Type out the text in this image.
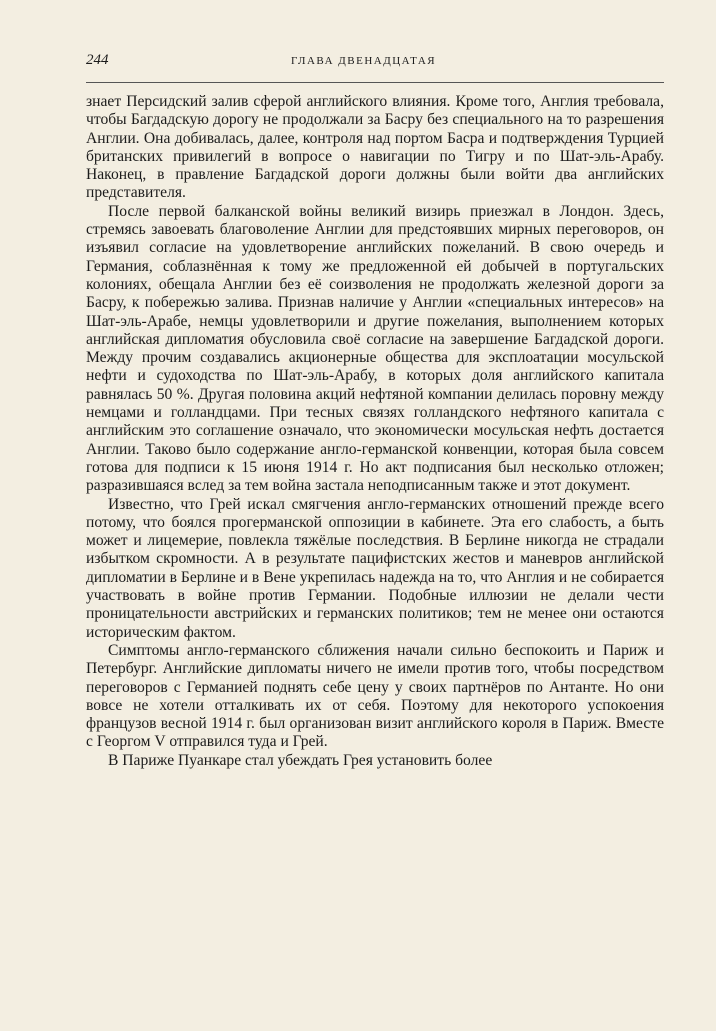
244	ГЛАВА ДВЕНАДЦАТАЯ

знает Персидский залив сферой английского влияния. Кроме того, Англия требовала, чтобы Багдадскую дорогу не продолжали за Басру без специального на то разрешения Англии. Она добивалась, далее, контроля над портом Басра и подтверждения Турцией британских привилегий в вопросе о навигации по Тигру и по Шат-эль-Арабу. Наконец, в правление Багдадской дороги должны были войти два английских представителя.

После первой балканской войны великий визирь приезжал в Лондон. Здесь, стремясь завоевать благоволение Англии для предстоявших мирных переговоров, он изъявил согласие на удовлетворение английских пожеланий. В свою очередь и Германия, соблазнённая к тому же предложенной ей добычей в португальских колониях, обещала Англии без её соизволения не продолжать железной дороги за Басру, к побережью залива. Признав наличие у Англии «специальных интересов» на Шат-эль-Арабе, немцы удовлетворили и другие пожелания, выполнением которых английская дипломатия обусловила своё согласие на завершение Багдадской дороги. Между прочим создавались акционерные общества для эксплоатации мосульской нефти и судоходства по Шат-эль-Арабу, в которых доля английского капитала равнялась 50 %. Другая половина акций нефтяной компании делилась поровну между немцами и голландцами. При тесных связях голландского нефтяного капитала с английским это соглашение означало, что экономически мосульская нефть достается Англии. Таково было содержание англо-германской конвенции, которая была совсем готова для подписи к 15 июня 1914 г. Но акт подписания был несколько отложен; разразившаяся вслед за тем война застала неподписанным также и этот документ.

Известно, что Грей искал смягчения англо-германских отношений прежде всего потому, что боялся прогерманской оппозиции в кабинете. Эта его слабость, а быть может и лицемерие, повлекла тяжёлые последствия. В Берлине никогда не страдали избытком скромности. А в результате пацифистских жестов и маневров английской дипломатии в Берлине и в Вене укрепилась надежда на то, что Англия и не собирается участвовать в войне против Германии. Подобные иллюзии не делали чести проницательности австрийских и германских политиков; тем не менее они остаются историческим фактом.

Симптомы англо-германского сближения начали сильно беспокоить и Париж и Петербург. Английские дипломаты ничего не имели против того, чтобы посредством переговоров с Германией поднять себе цену у своих партнёров по Антанте. Но они вовсе не хотели отталкивать их от себя. Поэтому для некоторого успокоения французов весной 1914 г. был организован визит английского короля в Париж. Вместе с Георгом V отправился туда и Грей.

В Париже Пуанкаре стал убеждать Грея установить более
